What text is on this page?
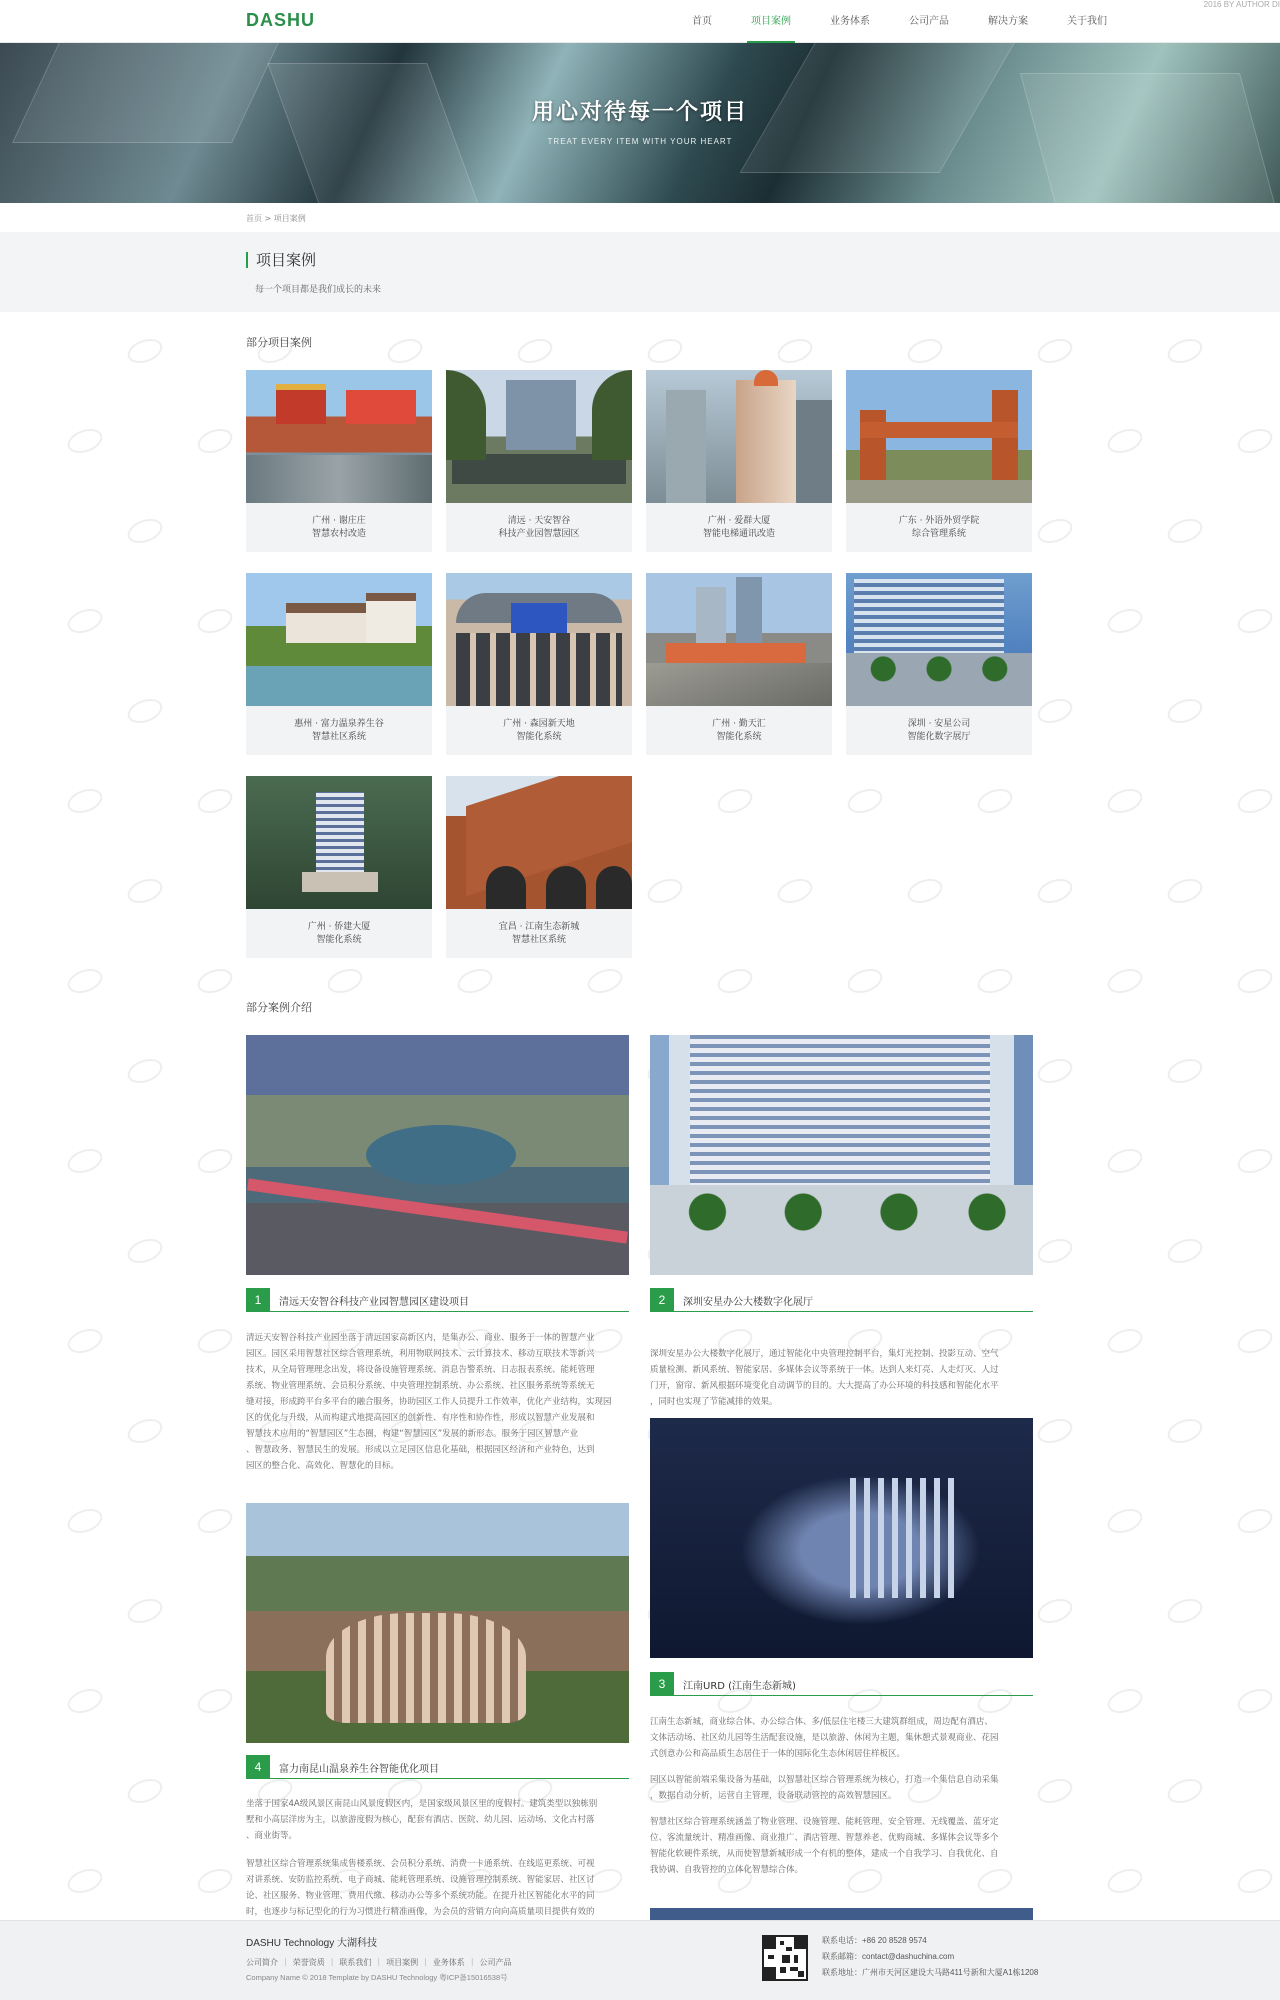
DASHU	首页	项目案例	业务体系	公司产品	解决方案	关于我们
2016 BY AUTHOR DI
用心对待每一个项目
TREAT EVERY ITEM WITH YOUR HEART
首页 > 项目案例
项目案例
每一个项目都是我们成长的未来
部分项目案例
广州 · 谢庄庄
智慧农村改造
清远 · 天安智谷
科技产业园智慧园区
广州 · 爱群大厦
智能电梯通讯改造
广东 · 外语外贸学院
综合管理系统
惠州 · 富力温泉养生谷
智慧社区系统
广州 · 森园新天地
智能化系统
广州 · 勤天汇
智能化系统
深圳 · 安星公司
智能化数字展厅
广州 · 侨建大厦
智能化系统
宜昌 · 江南生态新城
智慧社区系统
部分案例介绍
1	清远天安智谷科技产业园智慧园区建设项目
清远天安智谷科技产业园坐落于清远国家高新区内，是集办公、商业、服务于一体的智慧产业
园区。园区采用智慧社区综合管理系统，利用物联网技术、云计算技术、移动互联技术等新兴
技术，从全局管理理念出发，将设备设施管理系统、消息告警系统、日志报表系统、能耗管理
系统、物业管理系统、会员积分系统、中央管理控制系统、办公系统、社区服务系统等系统无
缝对接，形成跨平台多平台的融合服务，协助园区工作人员提升工作效率，优化产业结构，实现园
区的优化与升级，从而构建式地提高园区的创新性、有序性和协作性，形成以智慧产业发展和
智慧技术应用的“智慧园区”生态圈，构建“智慧园区”发展的新形态。服务于园区智慧产业
、智慧政务、智慧民生的发展。形成以立足园区信息化基础，根据园区经济和产业特色，达到
园区的整合化、高效化、智慧化的目标。
2	深圳安星办公大楼数字化展厅
深圳安星办公大楼数字化展厅，通过智能化中央管理控制平台，集灯光控制、投影互动、空气
质量检测、新风系统、智能家居、多媒体会议等系统于一体。达到人来灯亮、人走灯灭、人过
门开，窗帘、新风根据环境变化自动调节的目的。大大提高了办公环境的科技感和智能化水平
，同时也实现了节能减排的效果。
3	江南URD (江南生态新城)
江南生态新城，商业综合体、办公综合体、多/低层住宅楼三大建筑群组成，周边配有酒店、
文体活动场、社区幼儿园等生活配套设施，是以旅游、休闲为主题，集休憩式景观商业、花园
式创意办公和高品质生态居住于一体的国际化生态休闲居住样板区。
园区以智能前端采集设备为基础，以智慧社区综合管理系统为核心，打造一个集信息自动采集
，数据自动分析，运营自主管理，设备联动管控的高效智慧园区。
智慧社区综合管理系统涵盖了物业管理、设施管理、能耗管理、安全管理、无线覆盖、蓝牙定
位、客流量统计、精准画像、商业推广、酒店管理、智慧养老、优购商城、多媒体会议等多个
智能化软硬件系统，从而使智慧新城形成一个有机的整体，建成一个自我学习、自我优化、自
我协调、自我管控的立体化智慧综合体。
4	富力南昆山温泉养生谷智能优化项目
坐落于国家4A级风景区南昆山风景度假区内，是国家级风景区里的度假村。建筑类型以独栋别
墅和小高层洋房为主，以旅游度假为核心，配套有酒店、医院、幼儿园、运动场、文化古村落
、商业街等。
智慧社区综合管理系统集成售楼系统、会员积分系统、消费一卡通系统、在线巡更系统、可视
对讲系统、安防监控系统、电子商城、能耗管理系统、设施管理控制系统、智能家居、社区讨
论、社区服务、物业管理、费用代缴、移动办公等多个系统功能。在提升社区智能化水平的同
时，也逐步与标记型化的行为习惯进行精准画像，为会员的营销方向向高质量项目提供有效的
DASHU Technology 大湖科技
公司简介 | 荣誉资质 | 联系我们 | 项目案例 | 业务体系 | 公司产品
Company Name © 2018 Template by DASHU Technology 粤ICP备15016538号
联系电话：+86 20 8528 9574
联系邮箱：contact@dashuchina.com
联系地址：广州市天河区建设大马路411号新和大厦A1栋1208
